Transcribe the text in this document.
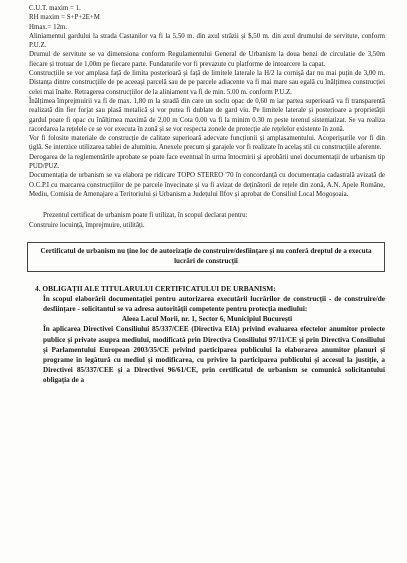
C.U.T. maxim = 1.

RH maxim = S+P+2E+M

Hmax.= 12m.

Aliniamentul gardului la strada Castanilor va fi la 5,50 m. din axul străzii și $,50 m. din axul drumului de servitute, conform P.U.Z.

Drumul de servitute se va dimensiona conform Regulamentului General de Urbanism la doua benzi de circulatie de 3,50m fiecare și trotuar de 1,00m pe fiecare parte. Fundaturile vor fi prevazute cu platforme de intoarcere la capat.

Construcțiile se vor amplasa față de limita posterioară și față de limitele laterale la H/2 la cornișă dar nu mai puțin de 3,00 m. Distanța dintre construcțiile de pe aceeași parcelă sau de pe parcele adiacente va fi mai mare sau egală cu înălțimea construcției celei mai înalte. Retragerea construcțiilor de la aliniament va fi de min. 5.00 m. conform P.U.Z.

Înălțimea împrejmuirii va fi de max. 1,80 m la stradă din care un soclu opac de 0,60 m iar partea superioară va fi transparentă realizată din fier forjat sau plasă metalică și vor putea fi dublate de gard viu. Pe limitele laterale și posterioare a proprietății gardul poate fi opac cu înălțimea maximă de 2,00 m Cota 0.00 va fi la minim 0.30 m peste terenul sistematizat. Se va realiza racordarea la rețelele ce se vor executa în zonă și se vor respecta zonele de protecție ale rețelelor existente în zonă.

Vor fi folosite materiale de construcție de calitate superioară adecvate funcțiunii și amplasamentului. Acoperișurile vor fi din țiglă. Se interzice utilizarea tablei de aluminiu. Anexele precum și garajele vor fi realizate în acelaș stil cu construcțiile aferente.

Derogarea de la reglementările aprobate se poate face eventual în urma întocmirii și aprobării unei documentații de urbanism tip PUD/PUZ.

Documentația de urbanism se va elabora pe ridicare TOPO STEREO '70 în concordanță cu documentația cadastrală avizată de O.C.P.I cu marcarea construcțiilor de pe parcele învecinate și va fi avizat de deținătorii de rețele din zonă, A.N. Apele Române, Mediu, Comisia de Amenajare a Teritoriului și Urbanism a Județului Ilfov și aprobat de Consiliul Local Mogoșoaia.

Prezentul certificat de urbanism poate fi utilizat, în scopul declarat pentru:

Construire locuință, împrejmuire, utilități.

Certificatul de urbanism nu ține loc de autorizație de construire/desființare și nu conferă dreptul de a executa lucrări de construcții

4. OBLIGAȚII ALE TITULARULUI CERTIFICATULUI DE URBANISM:

În scopul elaborării documentației pentru autorizarea executării lucrărilor de construcții - de construire/de desființare - solicitantul se va adresa autorității competente pentru protecția mediului:

Aleea Lacul Morii, nr. 1, Sector 6, Municipiul București

În aplicarea Directivei Consiliului 85/337/CEE (Directiva EIA) privind evaluarea efectelor anumitor proiecte publice și private asupra mediului, modificată prin Directiva Consiliului 97/11/CE și prin Directiva Consiliului și Parlamentului European 2003/35/CE privind participarea publicului la elaborarea anumitor planuri și programe în legătură cu mediul și modificarea, cu privire la participarea publicului și accesul la justiție, a Directivei 85/337/CEE și a Directivei 96/61/CE, prin certificatul de urbanism se comunică solicitantului obligația de a
